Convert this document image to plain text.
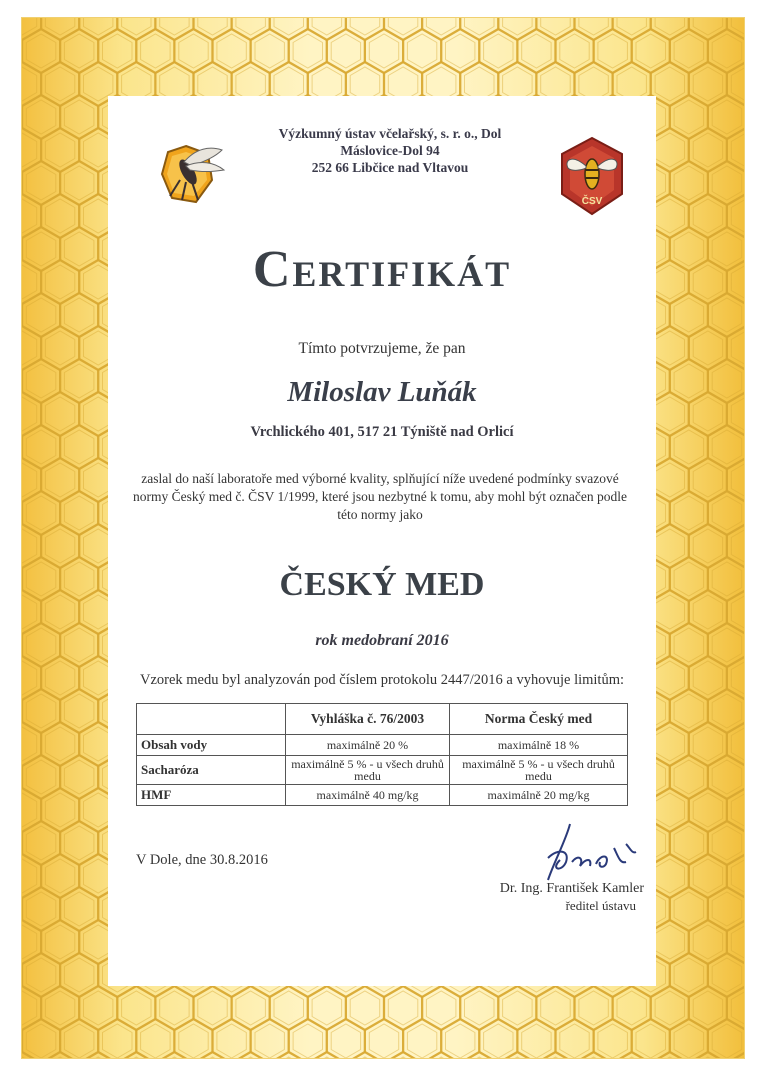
Výzkumný ústav včelařský, s. r. o., Dol
Máslovice-Dol 94
252 66 Libčice nad Vltavou
ČSV
Certifikát
Tímto potvrzujeme, že pan
Miloslav Luňák
Vrchlického 401, 517 21 Týniště nad Orlicí
zaslal do naší laboratoře med výborné kvality, splňující níže uvedené podmínky svazové normy Český med č. ČSV 1/1999, které jsou nezbytné k tomu, aby mohl být označen podle této normy jako
ČESKÝ MED
rok medobraní 2016
Vzorek medu byl analyzován pod číslem protokolu 2447/2016 a vyhovuje limitům:
	Vyhláška č. 76/2003	Norma Český med
Obsah vody	maximálně 20 %	maximálně 18 %
Sacharóza	maximálně 5 % - u všech druhů medu	maximálně 5 % - u všech druhů medu
HMF	maximálně 40 mg/kg	maximálně 20 mg/kg
V Dole, dne 30.8.2016
Dr. Ing. František Kamler
ředitel ústavu
